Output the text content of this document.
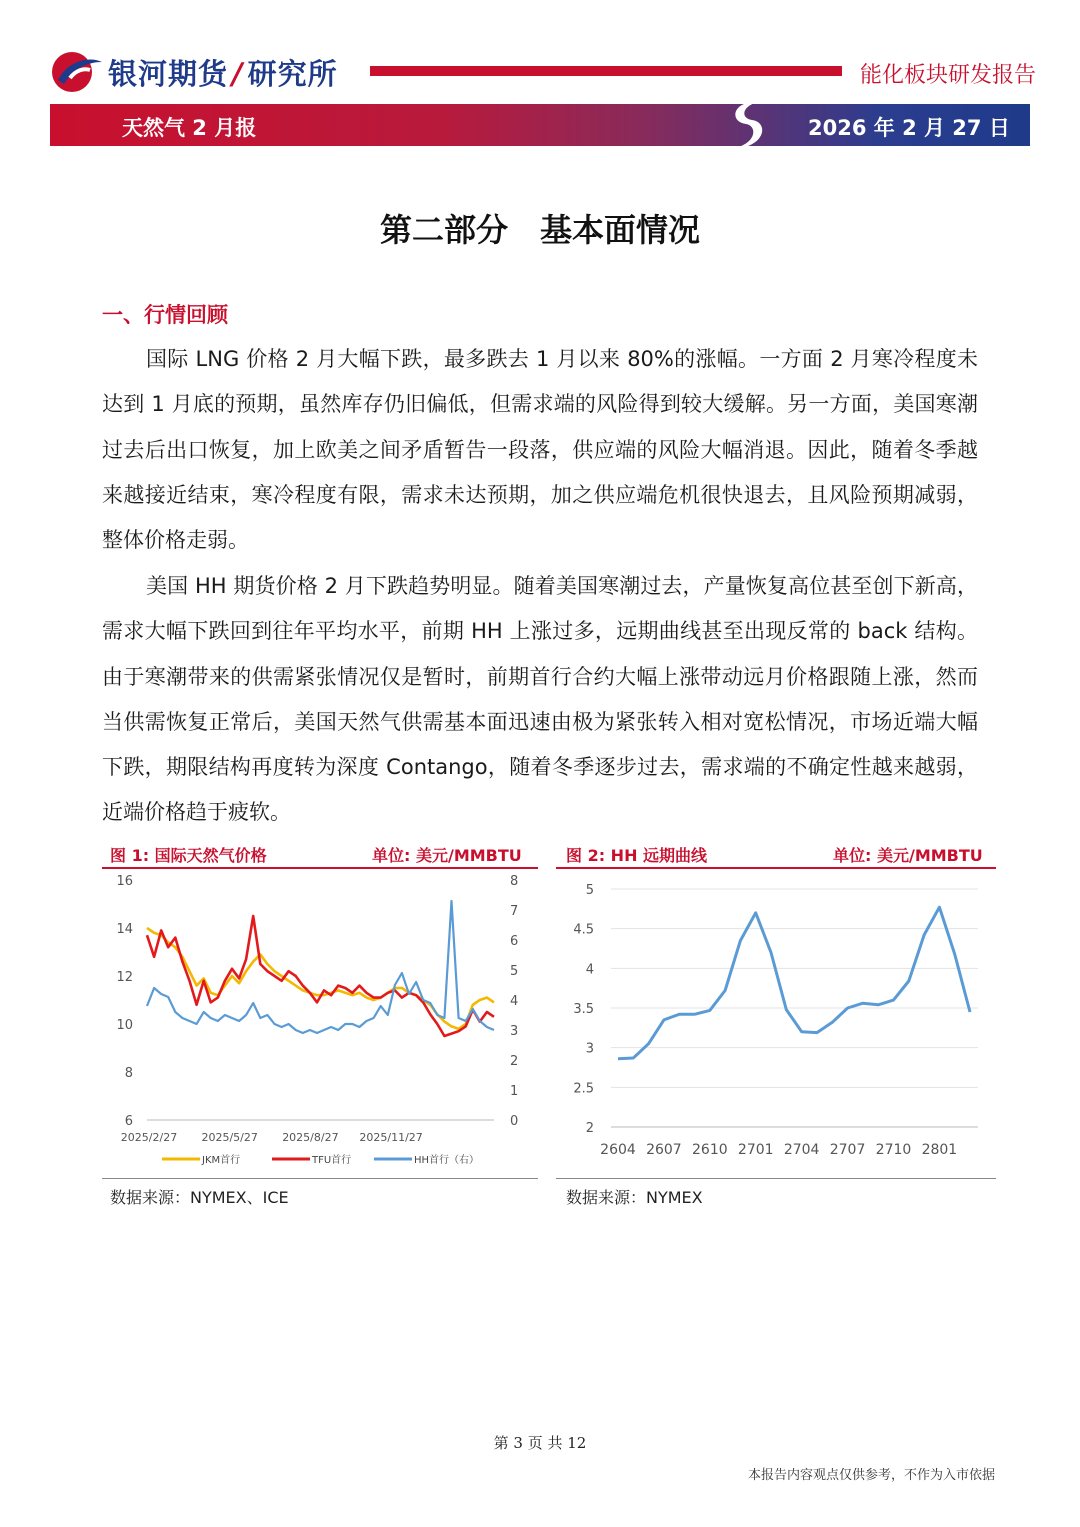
银河期货 / 研究所	能化板块研发报告
天然气 2 月报	2026 年 2 月 27 日
第二部分　基本面情况
一、行情回顾

国际 LNG 价格 2 月大幅下跌，最多跌去 1 月以来 80%的涨幅。一方面 2 月寒冷程度未达到 1 月底的预期，虽然库存仍旧偏低，但需求端的风险得到较大缓解。另一方面，美国寒潮过去后出口恢复，加上欧美之间矛盾暂告一段落，供应端的风险大幅消退。因此，随着冬季越来越接近结束，寒冷程度有限，需求未达预期，加之供应端危机很快退去，且风险预期减弱，整体价格走弱。

美国 HH 期货价格 2 月下跌趋势明显。随着美国寒潮过去，产量恢复高位甚至创下新高，需求大幅下跌回到往年平均水平，前期 HH 上涨过多，远期曲线甚至出现反常的 back 结构。由于寒潮带来的供需紧张情况仅是暂时，前期首行合约大幅上涨带动远月价格跟随上涨，然而当供需恢复正常后，美国天然气供需基本面迅速由极为紧张转入相对宽松情况，市场近端大幅下跌，期限结构再度转为深度 Contango，随着冬季逐步过去，需求端的不确定性越来越弱，近端价格趋于疲软。

图 1: 国际天然气价格	单位: 美元/MMBTU
16
14
12
10
8
6
8
7
6
5
4
3
2
1
0
2025/2/27 2025/5/27 2025/8/27 2025/11/27
JKM首行	TFU首行	HH首行（右）
数据来源：NYMEX、ICE
图 2: HH 远期曲线	单位: 美元/MMBTU
5
4.5
4
3.5
3
2.5
2
2604 2607 2610 2701 2704 2707 2710 2801
数据来源：NYMEX
第 3 页 共 12
本报告内容观点仅供参考，不作为入市依据
